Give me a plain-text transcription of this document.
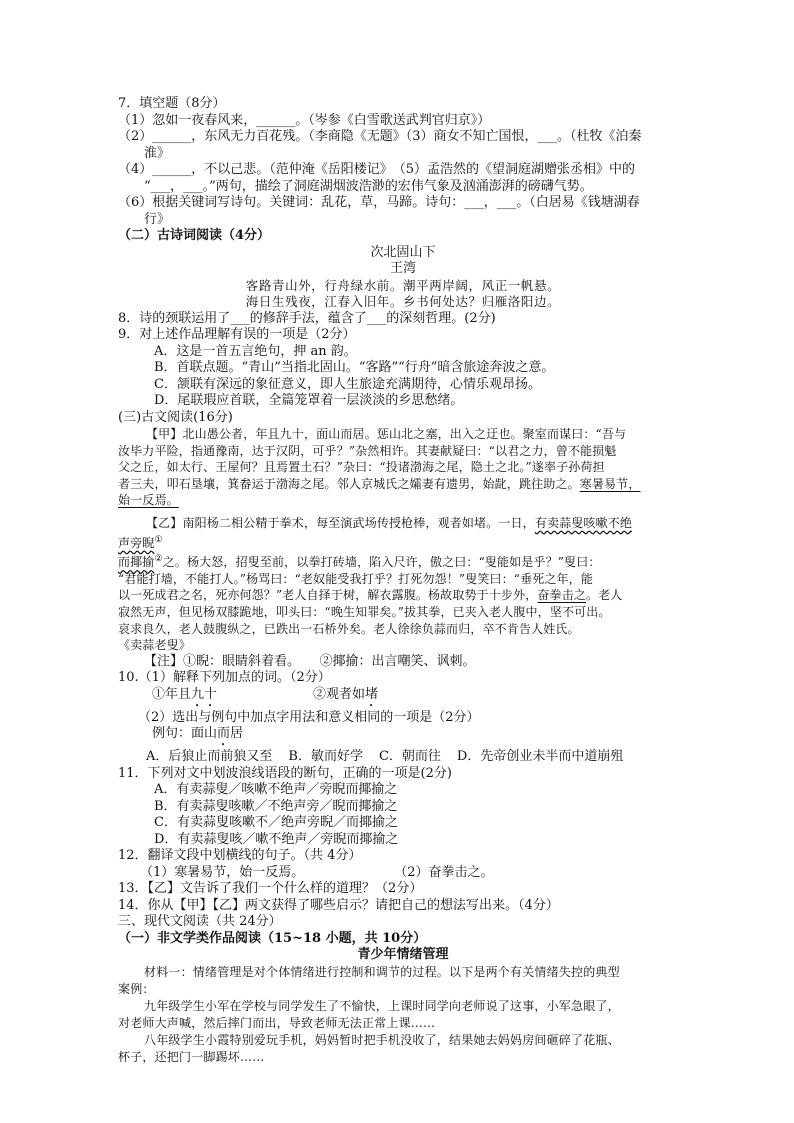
7．填空题（8分）
（1）忽如一夜春风来，______。（岑参《白雪歌送武判官归京》）
（2）______，东风无力百花残。（李商隐《无题》（3）商女不知亡国恨，___。（杜牧《泊秦
淮》
（4）______，不以己悲。（范仲淹《岳阳楼记》　（5）孟浩然的《望洞庭湖赠张丞相》中的
“___，___。”两句，描绘了洞庭湖烟波浩渺的宏伟气象及汹涌澎湃的磅礴气势。
（6）根据关键词写诗句。关键词：乱花，草，马蹄。诗句：___，___。（白居易《钱塘湖春
行》
（二）古诗词阅读（4分）
次北固山下
王湾
客路青山外，行舟绿水前。潮平两岸阔，风正一帆悬。
海日生残夜，江春入旧年。乡书何处达？归雁洛阳边。
8．诗的颈联运用了___的修辞手法，蕴含了___的深刻哲理。(2分)
9．对上述作品理解有误的一项是（2分）
A．这是一首五言绝句，押 an 韵。
B．首联点题。“青山”当指北固山。“客路”“行舟”暗含旅途奔波之意。
C．颔联有深远的象征意义，即人生旅途充满期待，心情乐观昂扬。
D．尾联瑕应首联，全篇笼罩着一层淡淡的乡思愁绪。
(三)古文阅读(16分)
【甲】北山愚公者，年且九十，面山而居。惩山北之塞，出入之迂也。聚室而谋曰：“吾与
汝毕力平险，指通豫南，达于汉阴，可乎？”杂然相许。其妻献疑曰：“以君之力，曾不能损魁
父之丘，如太行、王屋何？且焉置土石？”杂曰：“投诸渤海之尾，隐土之北。”遂率子孙荷担
者三夫，叩石垦壤，箕畚运于渤海之尾。邻人京城氏之孀妻有遗男，始龀，跳往助之。寒暑易节，
始一反焉。
【乙】南阳杨二相公精于拳术，每至演武场传授枪棒，观者如堵。一日，有卖蒜叟咳嗽不绝
声旁睨①
而揶揄②之。杨大怒，招叟至前，以拳打砖墙，陷入尺许，傲之曰：“叟能如是乎？”叟曰：
“君能打墙，不能打人。”杨骂曰：“老奴能受我打乎？打死勿怨！”叟笑曰：“垂死之年，能
以一死成君之名，死亦何怨？”老人自择于树，解衣露腹。杨故取势于十步外，奋拳击之。老人
寂然无声，但见杨双膝跪地，叩头曰：“晚生知罪矣。”拔其拳，已夹入老人腹中，坚不可出。
哀求良久，老人鼓腹纵之，已跌出一石桥外矣。老人徐徐负蒜而归，卒不肯告人姓氏。
《卖蒜老叟》
【注】①睨：眼睛斜着看。　　②揶揄：出言嘲笑、讽刺。
10.（1）解释下列加点的词。（2分）
①年且九十	②观者如堵
（2）选出与例句中加点字用法和意义相同的一项是（2分）
例句：面山而居
A．后狼止而前狼又至 B．敏而好学 C．朝而往 D．先帝创业未半而中道崩殂
11．下列对文中划波浪线语段的断句，正确的一项是(2分)
A．有卖蒜叟／咳嗽不绝声／旁睨而揶揄之
B．有卖蒜叟咳嗽／不绝声旁／睨而揶揄之
C．有卖蒜叟咳嗽不／绝声旁睨／而揶揄之
D．有卖蒜叟咳／嗽不绝声／旁睨而揶揄之
12．翻译文段中划横线的句子。（共 4分）
（1）寒暑易节，始一反焉。	（2）奋拳击之。
13．【乙】文告诉了我们一个什么样的道理？（2分）
14．你从【甲】【乙】两文获得了哪些启示？请把自己的想法写出来。（4分）
三、现代文阅读（共 24分）
（一）非文学类作品阅读（15~18 小题，共 10分）
青少年情绪管理
材料一：情绪管理是对个体情绪进行控制和调节的过程。以下是两个有关情绪失控的典型
案例：
九年级学生小军在学校与同学发生了不愉快，上课时同学向老师说了这事，小军急眼了，
对老师大声喊，然后摔门而出，导致老师无法正常上课……
八年级学生小霞特别爱玩手机，妈妈暂时把手机没收了，结果她去妈妈房间砸碎了花瓶、
杯子，还把门一脚踢坏……
